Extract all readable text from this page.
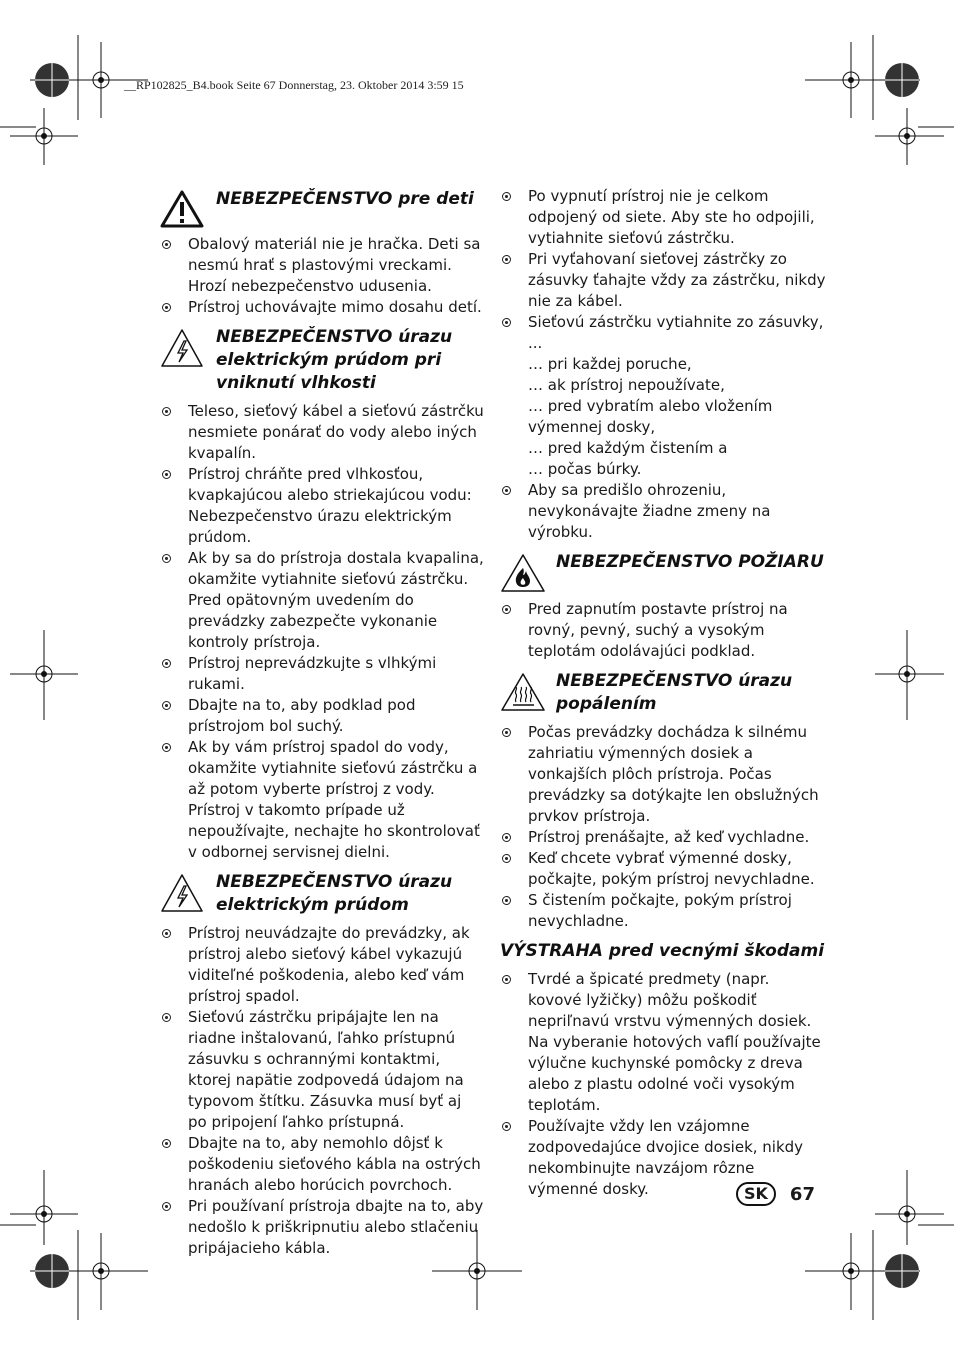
__RP102825_B4.book Seite 67 Donnerstag, 23. Oktober 2014 3:59 15
NEBEZPEČENSTVO pre deti
Obalový materiál nie je hračka. Deti sa nesmú hrať s plastovými vreckami. Hrozí nebezpečenstvo udusenia.
Prístroj uchovávajte mimo dosahu detí.
NEBEZPEČENSTVO úrazu elektrickým prúdom pri vniknutí vlhkosti
Teleso, sieťový kábel a sieťovú zástrčku nesmiete ponárať do vody alebo iných kvapalín.
Prístroj chráňte pred vlhkosťou, kvapkajúcou alebo striekajúcou vodu: Nebezpečenstvo úrazu elektrickým prúdom.
Ak by sa do prístroja dostala kvapalina, okamžite vytiahnite sieťovú zástrčku. Pred opätovným uvedením do prevádzky zabezpečte vykonanie kontroly prístroja.
Prístroj neprevádzkujte s vlhkými rukami.
Dbajte na to, aby podklad pod prístrojom bol suchý.
Ak by vám prístroj spadol do vody, okamžite vytiahnite sieťovú zástrčku a až potom vyberte prístroj z vody. Prístroj v takomto prípade už nepoužívajte, nechajte ho skontrolovať v odbornej servisnej dielni.
NEBEZPEČENSTVO úrazu elektrickým prúdom
Prístroj neuvádzajte do prevádzky, ak prístroj alebo sieťový kábel vykazujú viditeľné poškodenia, alebo keď vám prístroj spadol.
Sieťovú zástrčku pripájajte len na riadne inštalovanú, ľahko prístupnú zásuvku s ochrannými kontaktmi, ktorej napätie zodpovedá údajom na typovom štítku. Zásuvka musí byť aj po pripojení ľahko prístupná.
Dbajte na to, aby nemohlo dôjsť k poškodeniu sieťového kábla na ostrých hranách alebo horúcich povrchoch.
Pri používaní prístroja dbajte na to, aby nedošlo k priškripnutiu alebo stlačeniu pripájacieho kábla.
Po vypnutí prístroj nie je celkom odpojený od siete. Aby ste ho odpojili, vytiahnite sieťovú zástrčku.
Pri vyťahovaní sieťovej zástrčky zo zásuvky ťahajte vždy za zástrčku, nikdy nie za kábel.
Sieťovú zástrčku vytiahnite zo zásuvky, ...
… pri každej poruche,
… ak prístroj nepoužívate,
… pred vybratím alebo vložením výmennej dosky,
… pred každým čistením a
… počas búrky.
Aby sa predišlo ohrozeniu, nevykonávajte žiadne zmeny na výrobku.
NEBEZPEČENSTVO POŽIARU
Pred zapnutím postavte prístroj na rovný, pevný, suchý a vysokým teplotám odolávajúci podklad.
NEBEZPEČENSTVO úrazu popálením
Počas prevádzky dochádza k silnému zahriatiu výmenných dosiek a vonkajších plôch prístroja. Počas prevádzky sa dotýkajte len obslužných prvkov prístroja.
Prístroj prenášajte, až keď vychladne.
Keď chcete vybrať výmenné dosky, počkajte, pokým prístroj nevychladne.
S čistením počkajte, pokým prístroj nevychladne.
VÝSTRAHA pred vecnými škodami
Tvrdé a špicaté predmety (napr. kovové lyžičky) môžu poškodiť nepriľnavú vrstvu výmenných dosiek. Na vyberanie hotových vaflí používajte výlučne kuchynské pomôcky z dreva alebo z plastu odolné voči vysokým teplotám.
Používajte vždy len vzájomne zodpovedajúce dvojice dosiek, nikdy nekombinujte navzájom rôzne výmenné dosky.	SK	67
